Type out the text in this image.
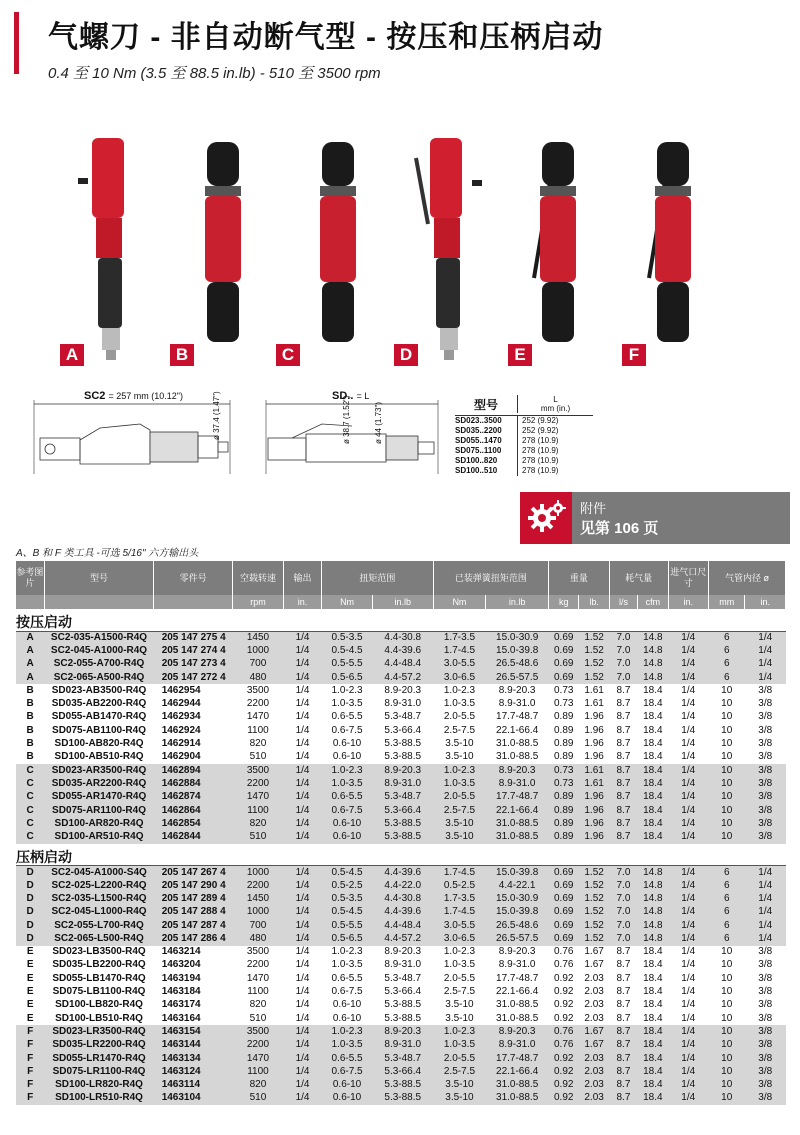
气螺刀 - 非自动断气型 - 按压和压柄启动
0.4 至 10 Nm (3.5 至 88.5 in.lb) - 510 至 3500 rpm
A	B	C	D	E	F
SC2 = 257 mm (10.12")
ø 37.4 (1.47")	SD.. = L
ø 38.7 (1.52")
ø 44 (1.73")	型号	L
mm (in.)
SD023..3500	252 (9.92)
SD035..2200	252 (9.92)
SD055..1470	278 (10.9)
SD075..1100	278 (10.9)
SD100..820	278 (10.9)
SD100..510	278 (10.9)
附件
见第 106 页
A、B 和 F 类工具 -可选 5/16" 六方输出头
参考图片	型号	零件号	空载转速	输出	扭矩范围		已装弹簧扭矩范围		重量		耗气量		进气口尺寸	气管内径 ø	
			rpm	in.	Nm	in.lb	Nm	in.lb	kg	lb.	l/s	cfm	in.	mm	in.
按压启动															
A	SC2-035-A1500-R4Q	205 147 275 4	1450	1/4	0.5-3.5	4.4-30.8	1.7-3.5	15.0-30.9	0.69	1.52	7.0	14.8	1/4	6	1/4
A	SC2-045-A1000-R4Q	205 147 274 4	1000	1/4	0.5-4.5	4.4-39.6	1.7-4.5	15.0-39.8	0.69	1.52	7.0	14.8	1/4	6	1/4
A	SC2-055-A700-R4Q	205 147 273 4	700	1/4	0.5-5.5	4.4-48.4	3.0-5.5	26.5-48.6	0.69	1.52	7.0	14.8	1/4	6	1/4
A	SC2-065-A500-R4Q	205 147 272 4	480	1/4	0.5-6.5	4.4-57.2	3.0-6.5	26.5-57.5	0.69	1.52	7.0	14.8	1/4	6	1/4
B	SD023-AB3500-R4Q	1462954	3500	1/4	1.0-2.3	8.9-20.3	1.0-2.3	8.9-20.3	0.73	1.61	8.7	18.4	1/4	10	3/8
B	SD035-AB2200-R4Q	1462944	2200	1/4	1.0-3.5	8.9-31.0	1.0-3.5	8.9-31.0	0.73	1.61	8.7	18.4	1/4	10	3/8
B	SD055-AB1470-R4Q	1462934	1470	1/4	0.6-5.5	5.3-48.7	2.0-5.5	17.7-48.7	0.89	1.96	8.7	18.4	1/4	10	3/8
B	SD075-AB1100-R4Q	1462924	1100	1/4	0.6-7.5	5.3-66.4	2.5-7.5	22.1-66.4	0.89	1.96	8.7	18.4	1/4	10	3/8
B	SD100-AB820-R4Q	1462914	820	1/4	0.6-10	5.3-88.5	3.5-10	31.0-88.5	0.89	1.96	8.7	18.4	1/4	10	3/8
B	SD100-AB510-R4Q	1462904	510	1/4	0.6-10	5.3-88.5	3.5-10	31.0-88.5	0.89	1.96	8.7	18.4	1/4	10	3/8
C	SD023-AR3500-R4Q	1462894	3500	1/4	1.0-2.3	8.9-20.3	1.0-2.3	8.9-20.3	0.73	1.61	8.7	18.4	1/4	10	3/8
C	SD035-AR2200-R4Q	1462884	2200	1/4	1.0-3.5	8.9-31.0	1.0-3.5	8.9-31.0	0.73	1.61	8.7	18.4	1/4	10	3/8
C	SD055-AR1470-R4Q	1462874	1470	1/4	0.6-5.5	5.3-48.7	2.0-5.5	17.7-48.7	0.89	1.96	8.7	18.4	1/4	10	3/8
C	SD075-AR1100-R4Q	1462864	1100	1/4	0.6-7.5	5.3-66.4	2.5-7.5	22.1-66.4	0.89	1.96	8.7	18.4	1/4	10	3/8
C	SD100-AR820-R4Q	1462854	820	1/4	0.6-10	5.3-88.5	3.5-10	31.0-88.5	0.89	1.96	8.7	18.4	1/4	10	3/8
C	SD100-AR510-R4Q	1462844	510	1/4	0.6-10	5.3-88.5	3.5-10	31.0-88.5	0.89	1.96	8.7	18.4	1/4	10	3/8
压柄启动															
D	SC2-045-A1000-S4Q	205 147 267 4	1000	1/4	0.5-4.5	4.4-39.6	1.7-4.5	15.0-39.8	0.69	1.52	7.0	14.8	1/4	6	1/4
D	SC2-025-L2200-R4Q	205 147 290 4	2200	1/4	0.5-2.5	4.4-22.0	0.5-2.5	4.4-22.1	0.69	1.52	7.0	14.8	1/4	6	1/4
D	SC2-035-L1500-R4Q	205 147 289 4	1450	1/4	0.5-3.5	4.4-30.8	1.7-3.5	15.0-30.9	0.69	1.52	7.0	14.8	1/4	6	1/4
D	SC2-045-L1000-R4Q	205 147 288 4	1000	1/4	0.5-4.5	4.4-39.6	1.7-4.5	15.0-39.8	0.69	1.52	7.0	14.8	1/4	6	1/4
D	SC2-055-L700-R4Q	205 147 287 4	700	1/4	0.5-5.5	4.4-48.4	3.0-5.5	26.5-48.6	0.69	1.52	7.0	14.8	1/4	6	1/4
D	SC2-065-L500-R4Q	205 147 286 4	480	1/4	0.5-6.5	4.4-57.2	3.0-6.5	26.5-57.5	0.69	1.52	7.0	14.8	1/4	6	1/4
E	SD023-LB3500-R4Q	1463214	3500	1/4	1.0-2.3	8.9-20.3	1.0-2.3	8.9-20.3	0.76	1.67	8.7	18.4	1/4	10	3/8
E	SD035-LB2200-R4Q	1463204	2200	1/4	1.0-3.5	8.9-31.0	1.0-3.5	8.9-31.0	0.76	1.67	8.7	18.4	1/4	10	3/8
E	SD055-LB1470-R4Q	1463194	1470	1/4	0.6-5.5	5.3-48.7	2.0-5.5	17.7-48.7	0.92	2.03	8.7	18.4	1/4	10	3/8
E	SD075-LB1100-R4Q	1463184	1100	1/4	0.6-7.5	5.3-66.4	2.5-7.5	22.1-66.4	0.92	2.03	8.7	18.4	1/4	10	3/8
E	SD100-LB820-R4Q	1463174	820	1/4	0.6-10	5.3-88.5	3.5-10	31.0-88.5	0.92	2.03	8.7	18.4	1/4	10	3/8
E	SD100-LB510-R4Q	1463164	510	1/4	0.6-10	5.3-88.5	3.5-10	31.0-88.5	0.92	2.03	8.7	18.4	1/4	10	3/8
F	SD023-LR3500-R4Q	1463154	3500	1/4	1.0-2.3	8.9-20.3	1.0-2.3	8.9-20.3	0.76	1.67	8.7	18.4	1/4	10	3/8
F	SD035-LR2200-R4Q	1463144	2200	1/4	1.0-3.5	8.9-31.0	1.0-3.5	8.9-31.0	0.76	1.67	8.7	18.4	1/4	10	3/8
F	SD055-LR1470-R4Q	1463134	1470	1/4	0.6-5.5	5.3-48.7	2.0-5.5	17.7-48.7	0.92	2.03	8.7	18.4	1/4	10	3/8
F	SD075-LR1100-R4Q	1463124	1100	1/4	0.6-7.5	5.3-66.4	2.5-7.5	22.1-66.4	0.92	2.03	8.7	18.4	1/4	10	3/8
F	SD100-LR820-R4Q	1463114	820	1/4	0.6-10	5.3-88.5	3.5-10	31.0-88.5	0.92	2.03	8.7	18.4	1/4	10	3/8
F	SD100-LR510-R4Q	1463104	510	1/4	0.6-10	5.3-88.5	3.5-10	31.0-88.5	0.92	2.03	8.7	18.4	1/4	10	3/8
